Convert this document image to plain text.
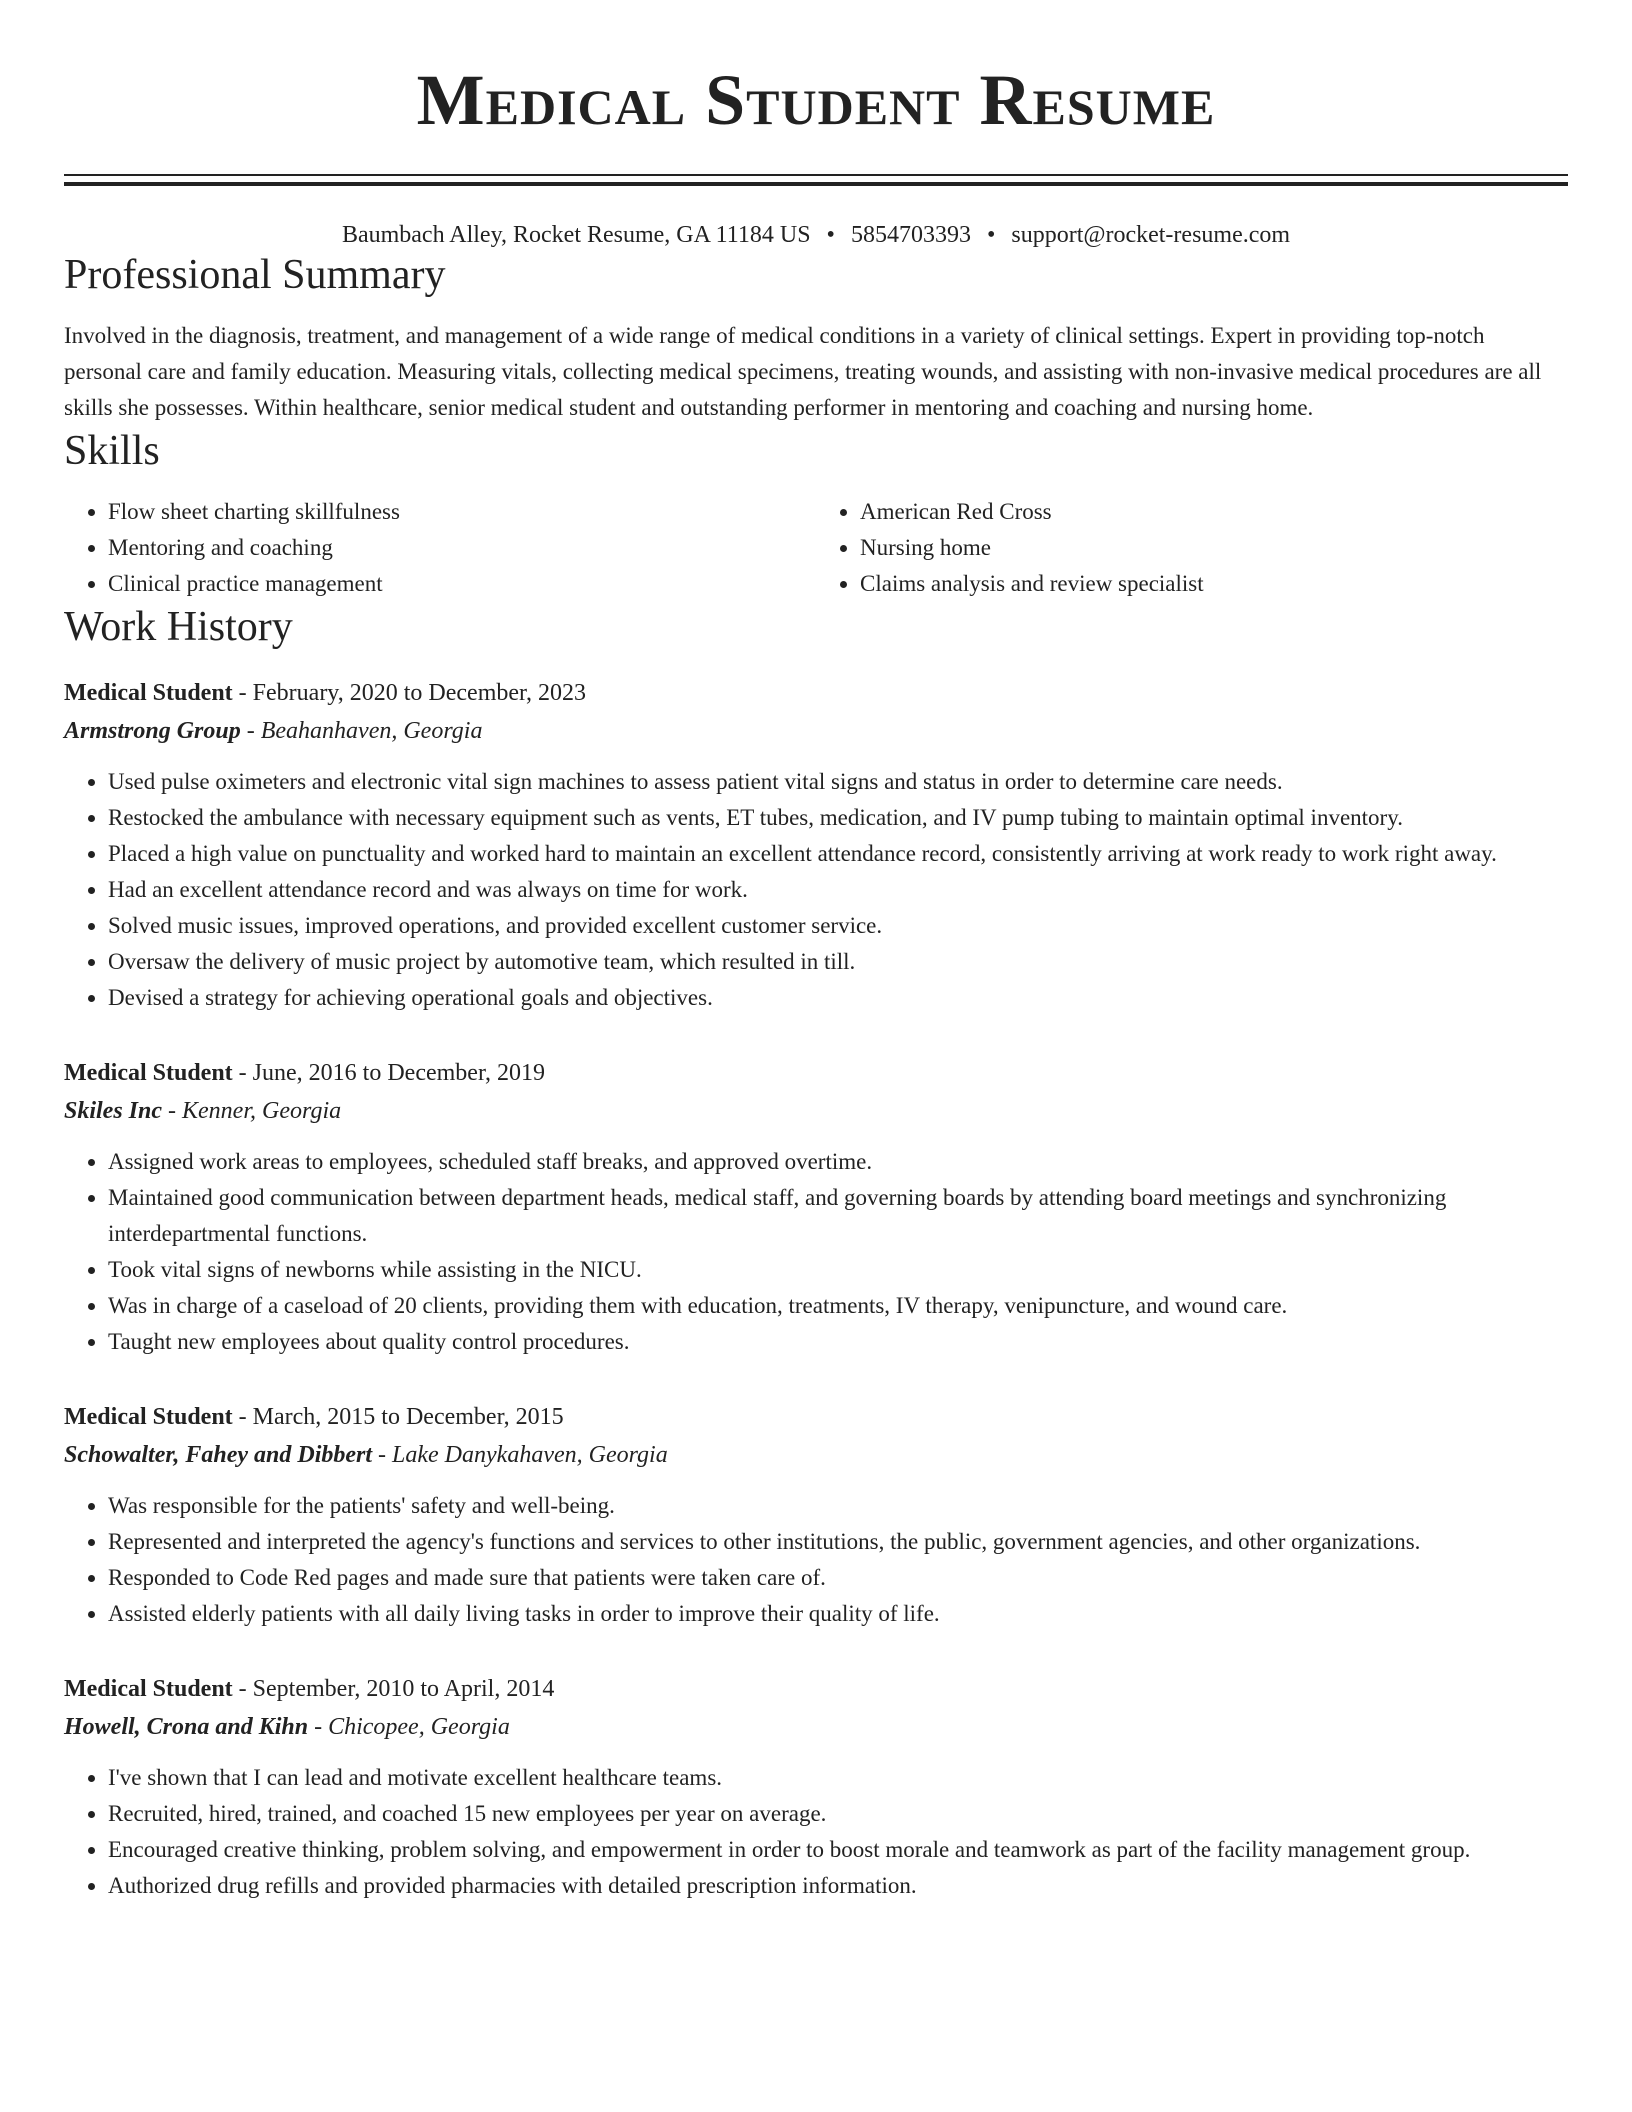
Medical Student Resume
Baumbach Alley, Rocket Resume, GA 11184 US • 5854703393 • support@rocket-resume.com
Professional Summary
Involved in the diagnosis, treatment, and management of a wide range of medical conditions in a variety of clinical settings. Expert in providing top-notch personal care and family education. Measuring vitals, collecting medical specimens, treating wounds, and assisting with non-invasive medical procedures are all skills she possesses. Within healthcare, senior medical student and outstanding performer in mentoring and coaching and nursing home.
Skills
• Flow sheet charting skillfulness
• Mentoring and coaching
• Clinical practice management
• American Red Cross
• Nursing home
• Claims analysis and review specialist
Work History
Medical Student - February, 2020 to December, 2023
Armstrong Group - Beahanhaven, Georgia
• Used pulse oximeters and electronic vital sign machines to assess patient vital signs and status in order to determine care needs.
• Restocked the ambulance with necessary equipment such as vents, ET tubes, medication, and IV pump tubing to maintain optimal inventory.
• Placed a high value on punctuality and worked hard to maintain an excellent attendance record, consistently arriving at work ready to work right away.
• Had an excellent attendance record and was always on time for work.
• Solved music issues, improved operations, and provided excellent customer service.
• Oversaw the delivery of music project by automotive team, which resulted in till.
• Devised a strategy for achieving operational goals and objectives.
Medical Student - June, 2016 to December, 2019
Skiles Inc - Kenner, Georgia
• Assigned work areas to employees, scheduled staff breaks, and approved overtime.
• Maintained good communication between department heads, medical staff, and governing boards by attending board meetings and synchronizing interdepartmental functions.
• Took vital signs of newborns while assisting in the NICU.
• Was in charge of a caseload of 20 clients, providing them with education, treatments, IV therapy, venipuncture, and wound care.
• Taught new employees about quality control procedures.
Medical Student - March, 2015 to December, 2015
Schowalter, Fahey and Dibbert - Lake Danykahaven, Georgia
• Was responsible for the patients' safety and well-being.
• Represented and interpreted the agency's functions and services to other institutions, the public, government agencies, and other organizations.
• Responded to Code Red pages and made sure that patients were taken care of.
• Assisted elderly patients with all daily living tasks in order to improve their quality of life.
Medical Student - September, 2010 to April, 2014
Howell, Crona and Kihn - Chicopee, Georgia
• I've shown that I can lead and motivate excellent healthcare teams.
• Recruited, hired, trained, and coached 15 new employees per year on average.
• Encouraged creative thinking, problem solving, and empowerment in order to boost morale and teamwork as part of the facility management group.
• Authorized drug refills and provided pharmacies with detailed prescription information.
